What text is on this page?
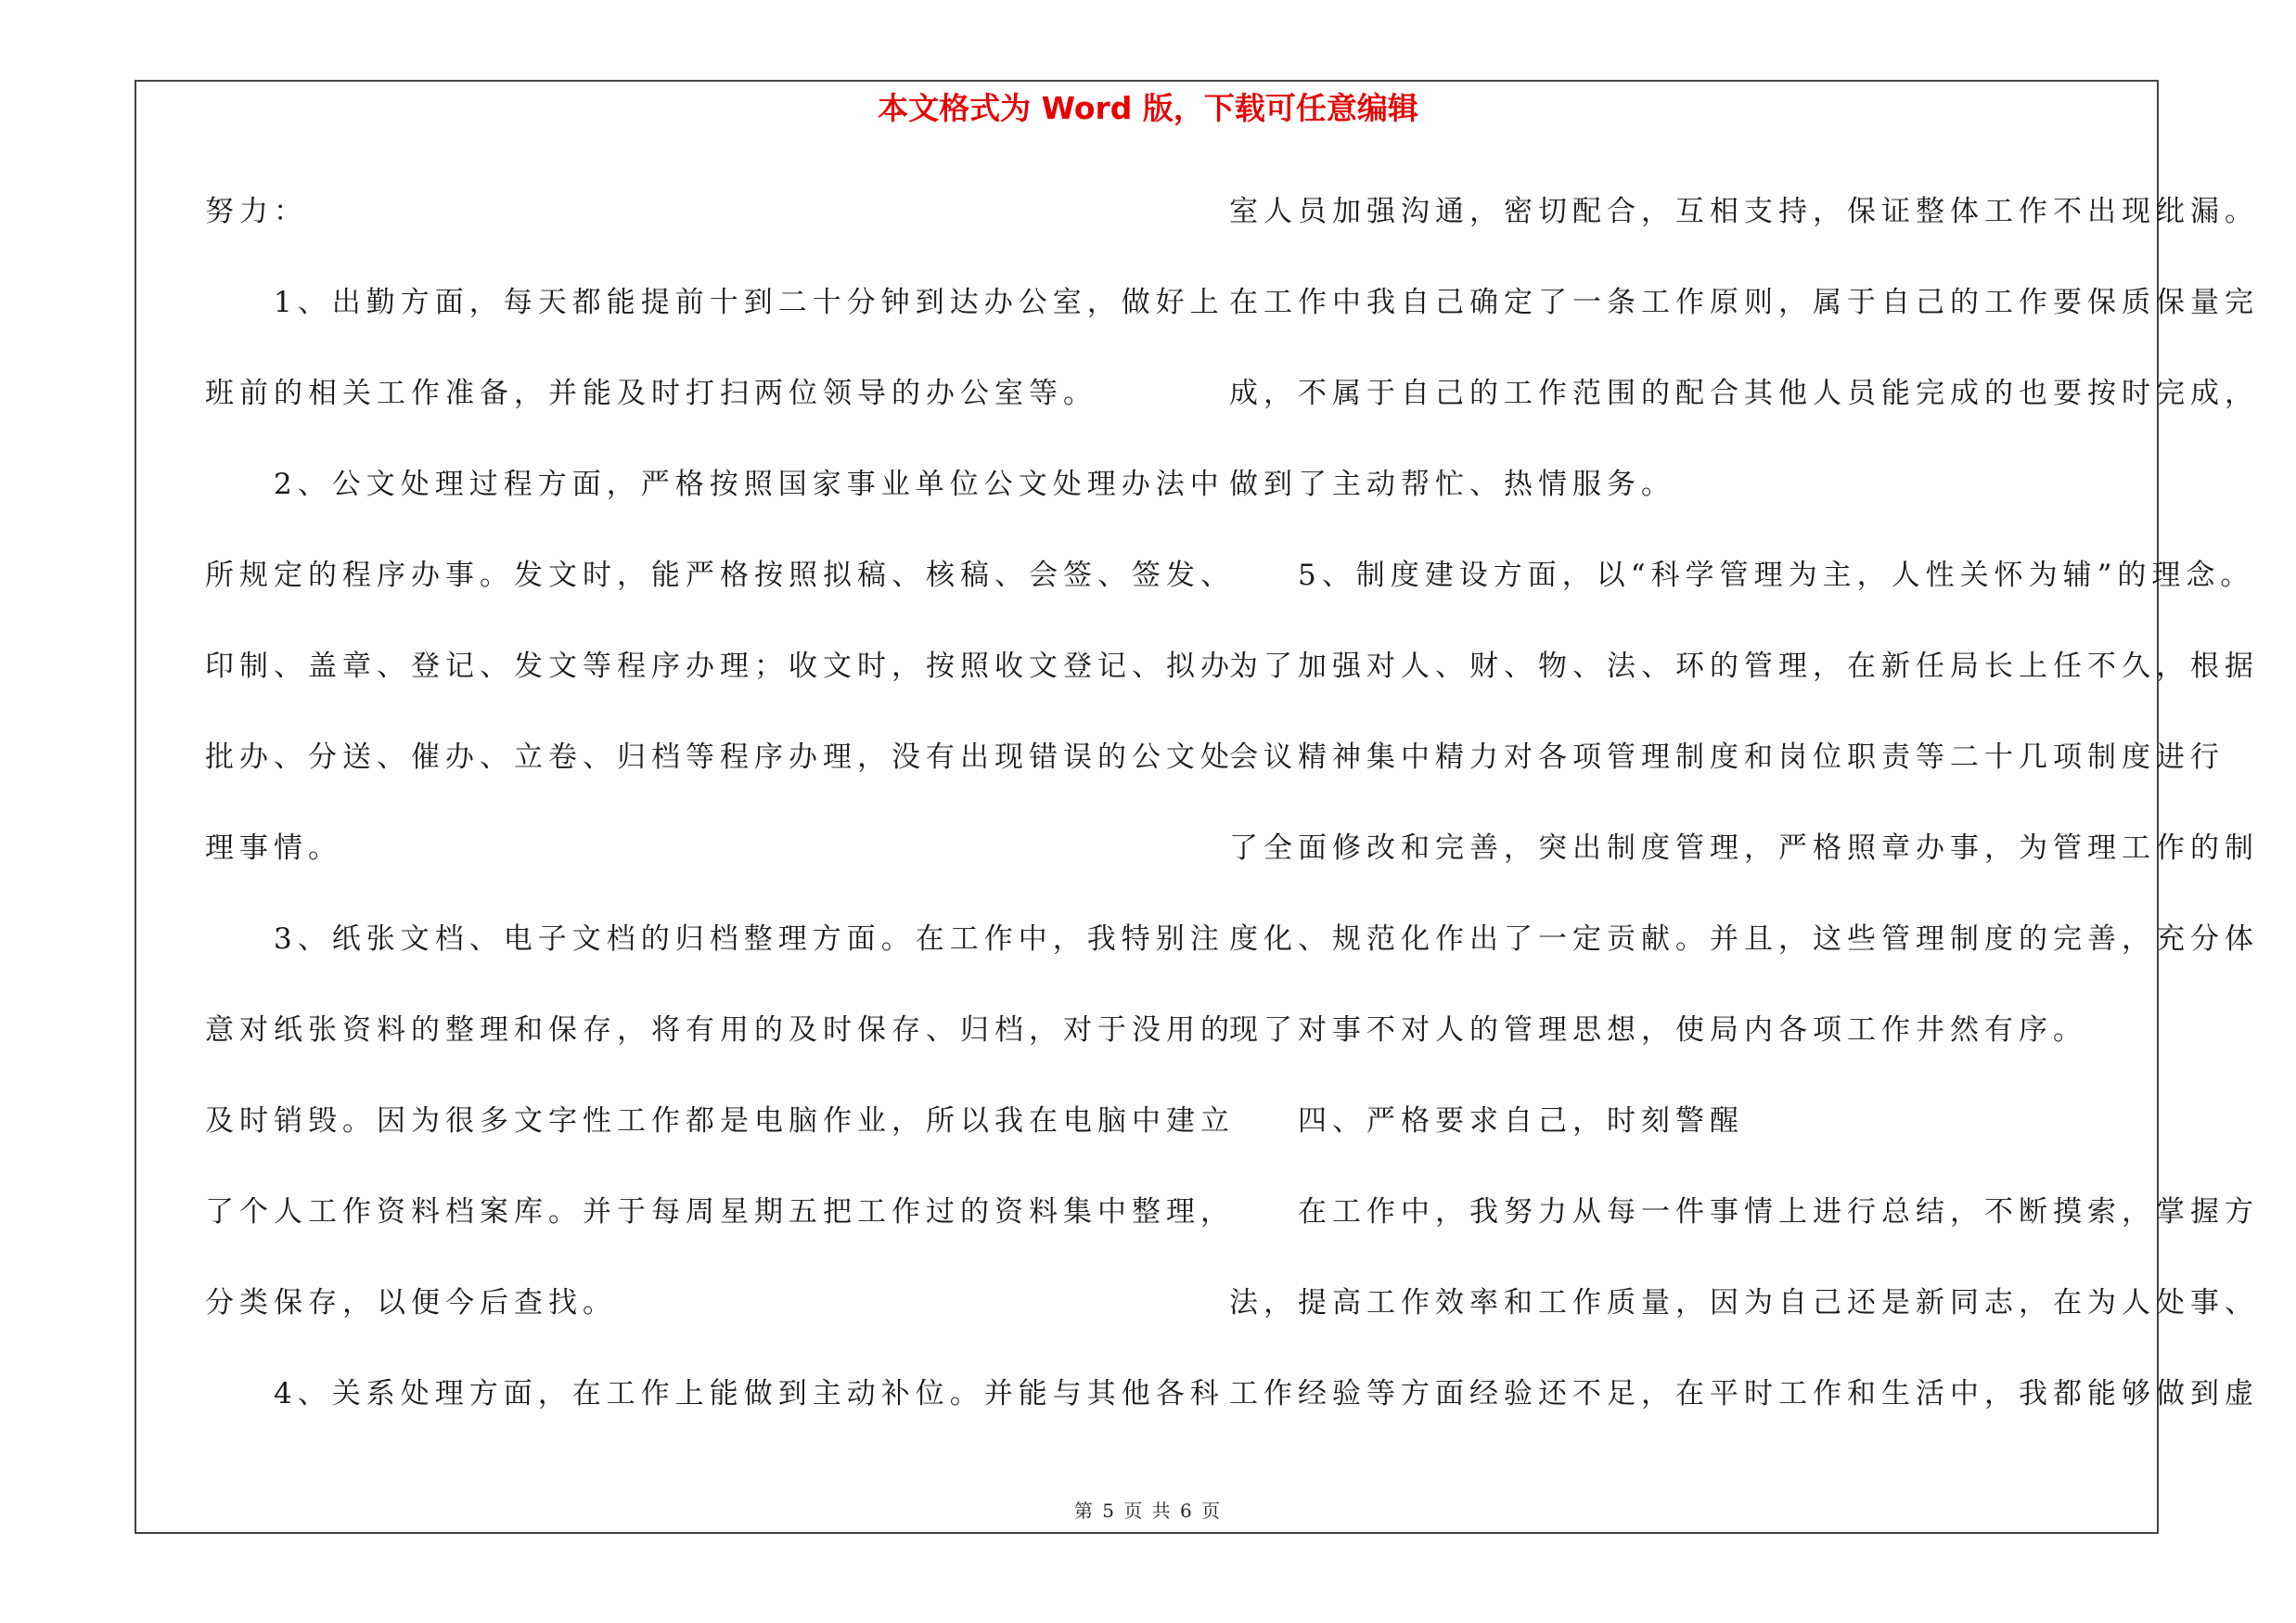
本文格式为 Word 版，下载可任意编辑
努力：
　　1、出勤方面，每天都能提前十到二十分钟到达办公室，做好上
班前的相关工作准备，并能及时打扫两位领导的办公室等。
　　2、公文处理过程方面，严格按照国家事业单位公文处理办法中
所规定的程序办事。发文时，能严格按照拟稿、核稿、会签、签发、
印制、盖章、登记、发文等程序办理；收文时，按照收文登记、拟办、
批办、分送、催办、立卷、归档等程序办理，没有出现错误的公文处
理事情。
　　3、纸张文档、电子文档的归档整理方面。在工作中，我特别注
意对纸张资料的整理和保存，将有用的及时保存、归档，对于没用的
及时销毁。因为很多文字性工作都是电脑作业，所以我在电脑中建立
了个人工作资料档案库。并于每周星期五把工作过的资料集中整理，
分类保存，以便今后查找。
　　4、关系处理方面，在工作上能做到主动补位。并能与其他各科
室人员加强沟通，密切配合，互相支持，保证整体工作不出现纰漏。
在工作中我自己确定了一条工作原则，属于自己的工作要保质保量完
成，不属于自己的工作范围的配合其他人员能完成的也要按时完成，
做到了主动帮忙、热情服务。
　　5、制度建设方面，以“科学管理为主，人性关怀为辅”的理念。
为了加强对人、财、物、法、环的管理，在新任局长上任不久，根据
会议精神集中精力对各项管理制度和岗位职责等二十几项制度进行
了全面修改和完善，突出制度管理，严格照章办事，为管理工作的制
度化、规范化作出了一定贡献。并且，这些管理制度的完善，充分体
现了对事不对人的管理思想，使局内各项工作井然有序。
　　四、严格要求自己，时刻警醒
　　在工作中，我努力从每一件事情上进行总结，不断摸索，掌握方
法，提高工作效率和工作质量，因为自己还是新同志，在为人处事、
工作经验等方面经验还不足，在平时工作和生活中，我都能够做到虚
第 5 页 共 6 页
